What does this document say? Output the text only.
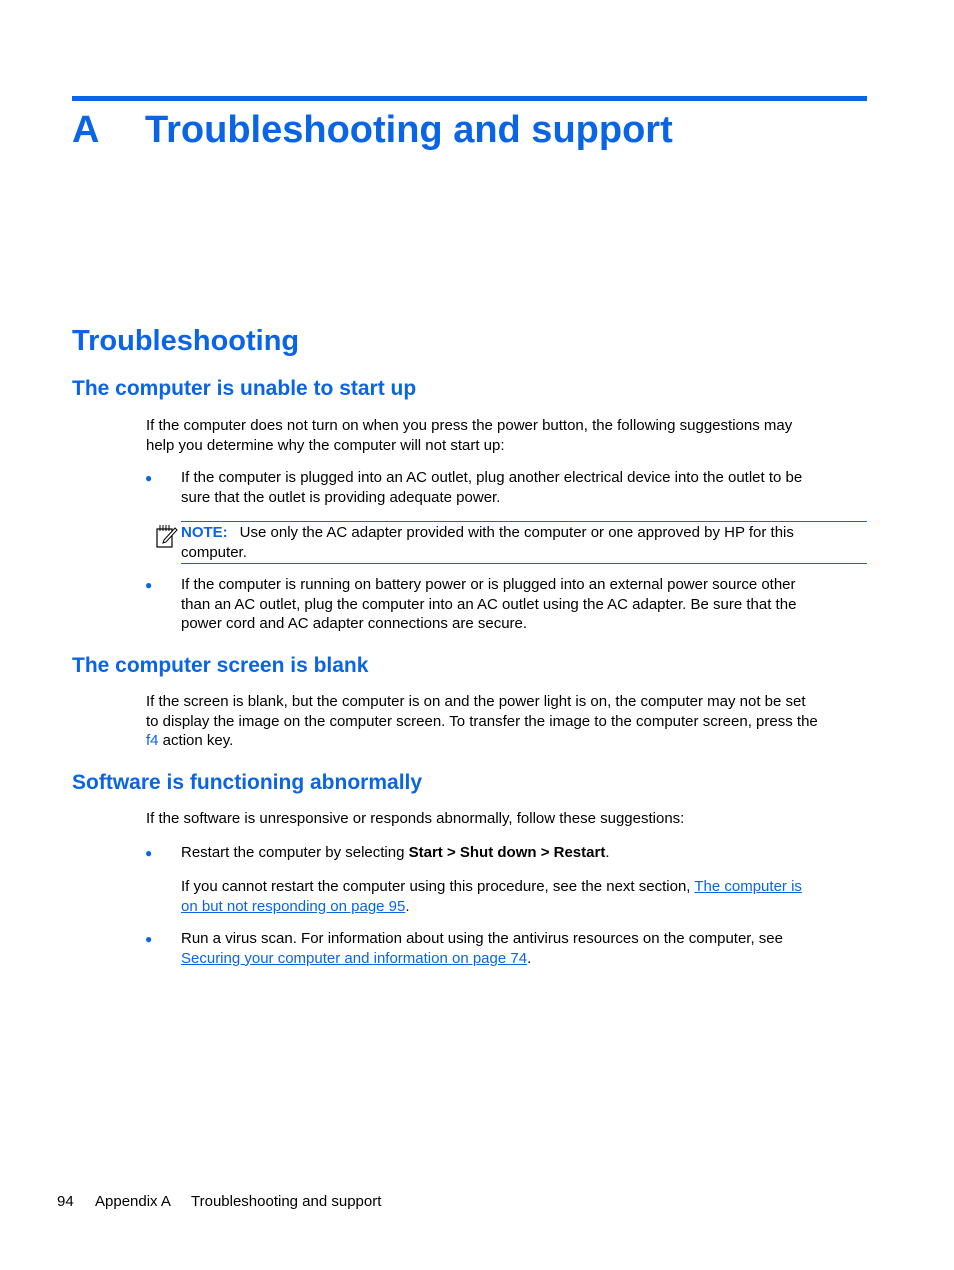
A Troubleshooting and support
Troubleshooting
The computer is unable to start up
If the computer does not turn on when you press the power button, the following suggestions may
help you determine why the computer will not start up:
● If the computer is plugged into an AC outlet, plug another electrical device into the outlet to be
sure that the outlet is providing adequate power.
NOTE: Use only the AC adapter provided with the computer or one approved by HP for this
computer.
● If the computer is running on battery power or is plugged into an external power source other
than an AC outlet, plug the computer into an AC outlet using the AC adapter. Be sure that the
power cord and AC adapter connections are secure.
The computer screen is blank
If the screen is blank, but the computer is on and the power light is on, the computer may not be set
to display the image on the computer screen. To transfer the image to the computer screen, press the
f4 action key.
Software is functioning abnormally
If the software is unresponsive or responds abnormally, follow these suggestions:
● Restart the computer by selecting Start > Shut down > Restart.
If you cannot restart the computer using this procedure, see the next section, The computer is
on but not responding on page 95.
● Run a virus scan. For information about using the antivirus resources on the computer, see
Securing your computer and information on page 74.
94 Appendix A Troubleshooting and support
